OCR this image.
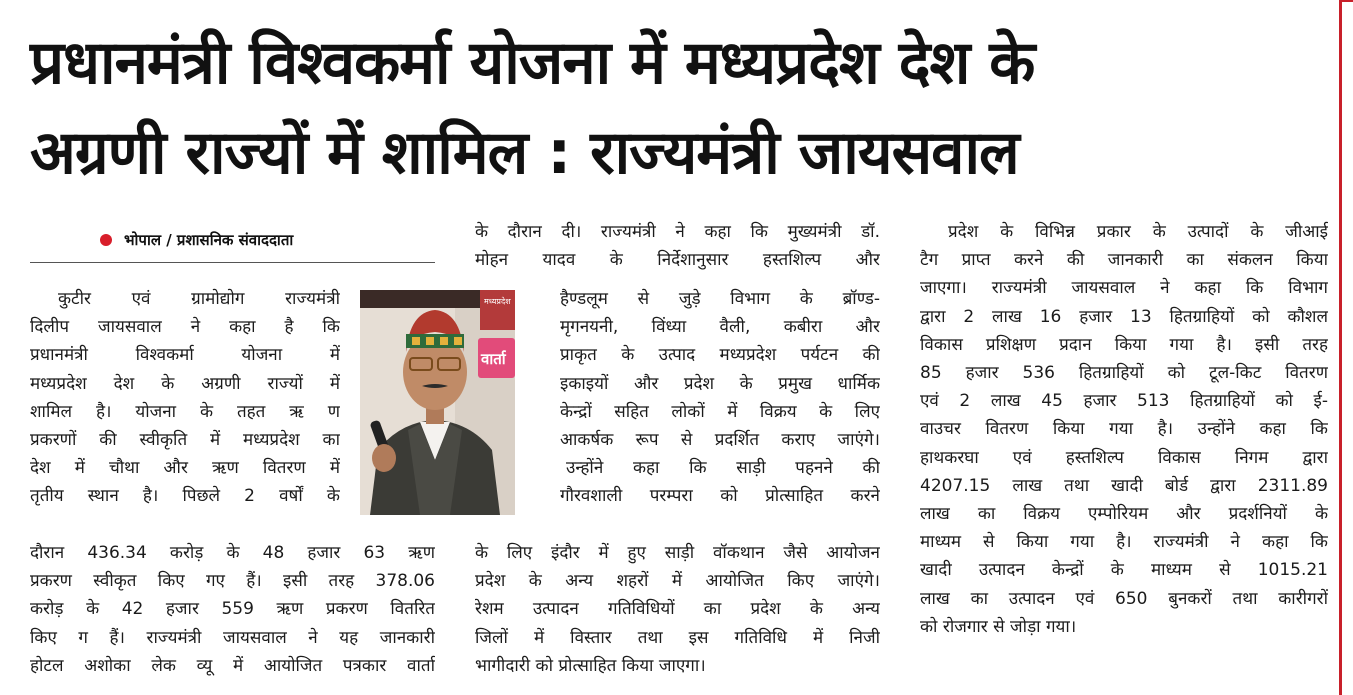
प्रधानमंत्री विश्वकर्मा योजना में मध्यप्रदेश देश के
अग्रणी राज्यों में शामिल : राज्यमंत्री जायसवाल
भोपाल / प्रशासनिक संवाददाता
मध्यप्रदेश
वार्ता
कुटीर एवं ग्रामोद्योग राज्यमंत्री
दिलीप जायसवाल ने कहा है कि
प्रधानमंत्री विश्वकर्मा योजना में
मध्यप्रदेश देश के अग्रणी राज्यों में
शामिल है। योजना के तहत ऋ ण
प्रकरणों की स्वीकृति में मध्यप्रदेश का
देश में चौथा और ऋण वितरण में
तृतीय स्थान है। पिछले 2 वर्षों के
दौरान 436.34 करोड़ के 48 हजार 63 ऋण
प्रकरण स्वीकृत किए गए हैं। इसी तरह 378.06
करोड़ के 42 हजार 559 ऋण प्रकरण वितरित
किए ग हैं। राज्यमंत्री जायसवाल ने यह जानकारी
होटल अशोका लेक व्यू में आयोजित पत्रकार वार्ता
के दौरान दी। राज्यमंत्री ने कहा कि मुख्यमंत्री डॉ.
मोहन यादव के निर्देशानुसार हस्तशिल्प और
हैण्डलूम से जुड़े विभाग के ब्रॉण्ड-
मृगनयनी, विंध्या वैली, कबीरा और
प्राकृत के उत्पाद मध्यप्रदेश पर्यटन की
इकाइयों और प्रदेश के प्रमुख धार्मिक
केन्द्रों सहित लोकों में विक्रय के लिए
आकर्षक रूप से प्रदर्शित कराए जाएंगे।
उन्होंने कहा कि साड़ी पहनने की
गौरवशाली परम्परा को प्रोत्साहित करने
के लिए इंदौर में हुए साड़ी वॉकथान जैसे आयोजन
प्रदेश के अन्य शहरों में आयोजित किए जाएंगे।
रेशम उत्पादन गतिविधियों का प्रदेश के अन्य
जिलों में विस्तार तथा इस गतिविधि में निजी
भागीदारी को प्रोत्साहित किया जाएगा।
प्रदेश के विभिन्न प्रकार के उत्पादों के जीआई
टैग प्राप्त करने की जानकारी का संकलन किया
जाएगा। राज्यमंत्री जायसवाल ने कहा कि विभाग
द्वारा 2 लाख 16 हजार 13 हितग्राहियों को कौशल
विकास प्रशिक्षण प्रदान किया गया है। इसी तरह
85 हजार 536 हितग्राहियों को टूल-किट वितरण
एवं 2 लाख 45 हजार 513 हितग्राहियों को ई-
वाउचर वितरण किया गया है। उन्होंने कहा कि
हाथकरघा एवं हस्तशिल्प विकास निगम द्वारा
4207.15 लाख तथा खादी बोर्ड द्वारा 2311.89
लाख का विक्रय एम्पोरियम और प्रदर्शनियों के
माध्यम से किया गया है। राज्यमंत्री ने कहा कि
खादी उत्पादन केन्द्रों के माध्यम से 1015.21
लाख का उत्पादन एवं 650 बुनकरों तथा कारीगरों
को रोजगार से जोड़ा गया।
